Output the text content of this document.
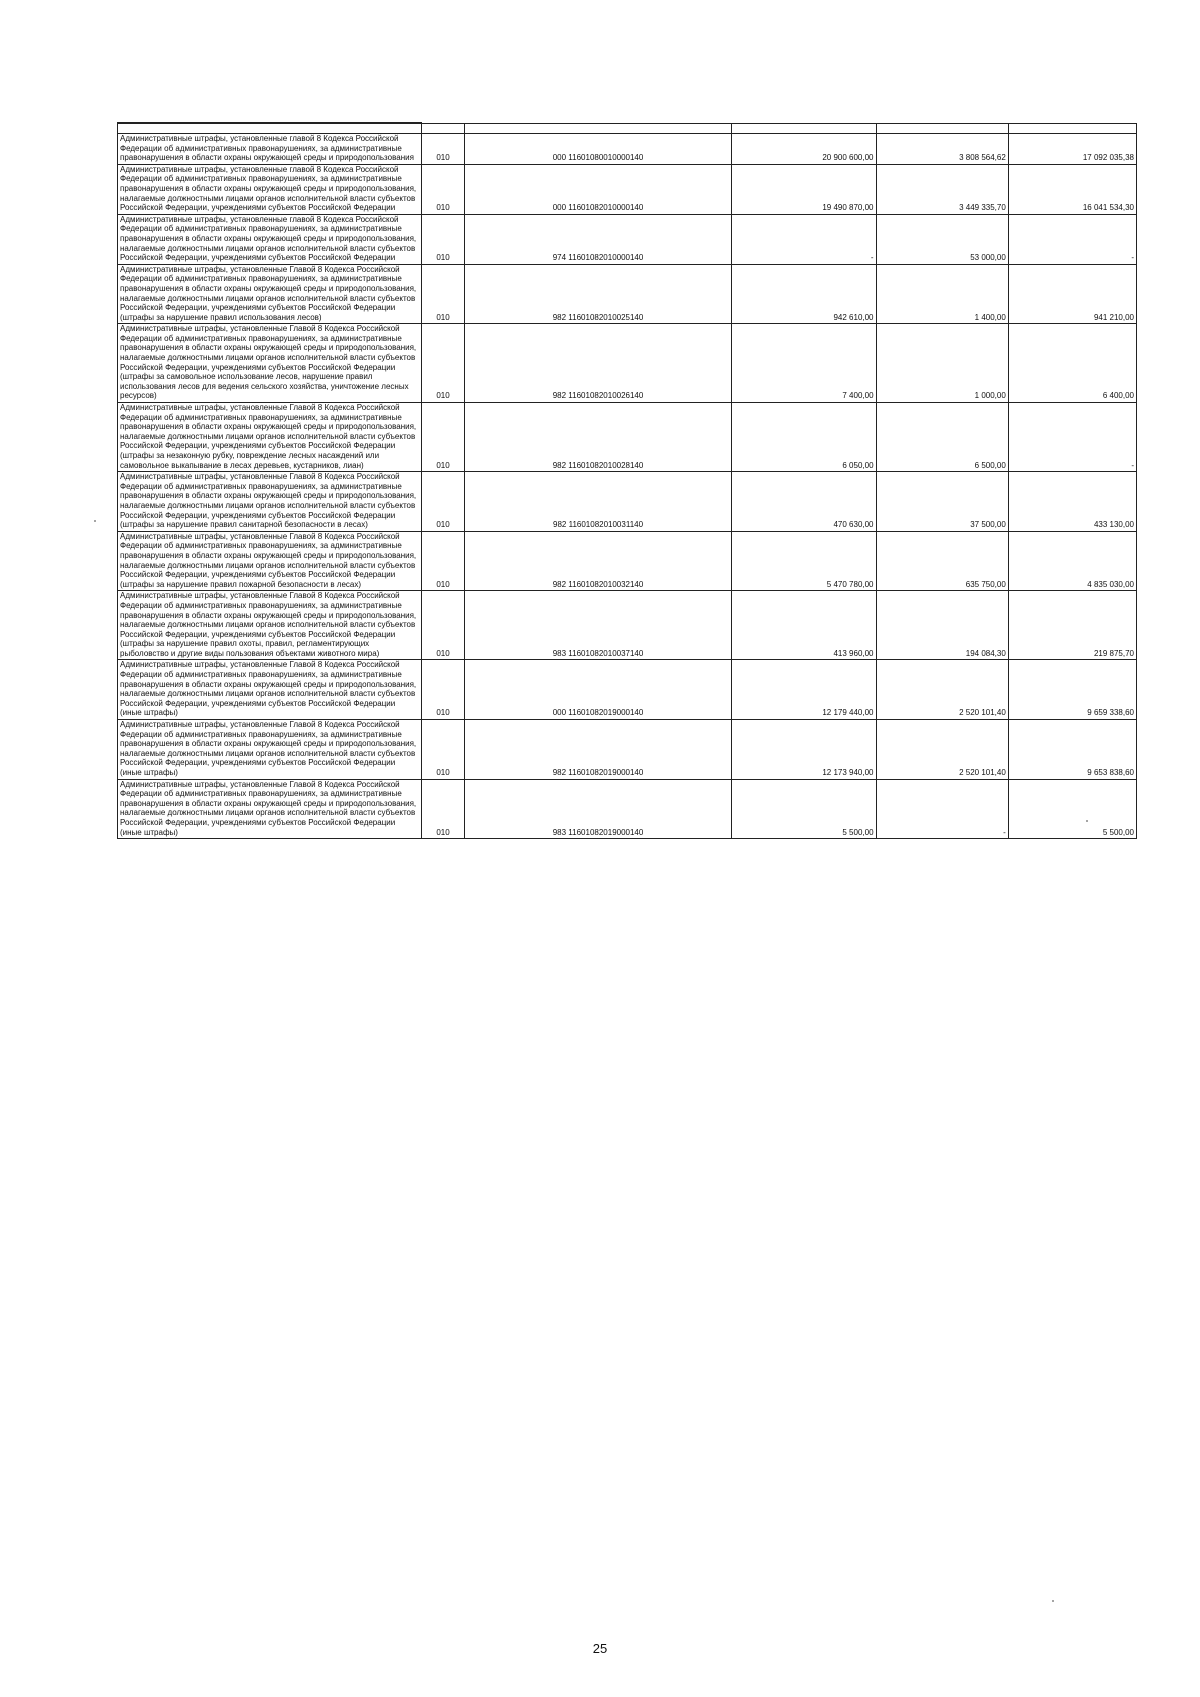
Административные штрафы, установленные главой 8 Кодекса Российской Федерации об административных правонарушениях, за административные правонарушения в области охраны окружающей среды и природопользования	010	000 11601080010000140	20 900 600,00	3 808 564,62	17 092 035,38
Административные штрафы, установленные главой 8 Кодекса Российской Федерации об административных правонарушениях, за административные правонарушения в области охраны окружающей среды и природопользования, налагаемые должностными лицами органов исполнительной власти субъектов Российской Федерации, учреждениями субъектов Российской Федерации	010	000 11601082010000140	19 490 870,00	3 449 335,70	16 041 534,30
Административные штрафы, установленные главой 8 Кодекса Российской Федерации об административных правонарушениях, за административные правонарушения в области охраны окружающей среды и природопользования, налагаемые должностными лицами органов исполнительной власти субъектов Российской Федерации, учреждениями субъектов Российской Федерации	010	974 11601082010000140	-	53 000,00	-
Административные штрафы, установленные Главой 8 Кодекса Российской Федерации об административных правонарушениях, за административные правонарушения в области охраны окружающей среды и природопользования, налагаемые должностными лицами органов исполнительной власти субъектов Российской Федерации, учреждениями субъектов Российской Федерации (штрафы за нарушение правил использования лесов)	010	982 11601082010025140	942 610,00	1 400,00	941 210,00
Административные штрафы, установленные Главой 8 Кодекса Российской Федерации об административных правонарушениях, за административные правонарушения в области охраны окружающей среды и природопользования, налагаемые должностными лицами органов исполнительной власти субъектов Российской Федерации, учреждениями субъектов Российской Федерации (штрафы за самовольное использование лесов, нарушение правил использования лесов для ведения сельского хозяйства, уничтожение лесных ресурсов)	010	982 11601082010026140	7 400,00	1 000,00	6 400,00
Административные штрафы, установленные Главой 8 Кодекса Российской Федерации об административных правонарушениях, за административные правонарушения в области охраны окружающей среды и природопользования, налагаемые должностными лицами органов исполнительной власти субъектов Российской Федерации, учреждениями субъектов Российской Федерации (штрафы за незаконную рубку, повреждение лесных насаждений или самовольное выкапывание в лесах деревьев, кустарников, лиан)	010	982 11601082010028140	6 050,00	6 500,00	-
Административные штрафы, установленные Главой 8 Кодекса Российской Федерации об административных правонарушениях, за административные правонарушения в области охраны окружающей среды и природопользования, налагаемые должностными лицами органов исполнительной власти субъектов Российской Федерации, учреждениями субъектов Российской Федерации (штрафы за нарушение правил санитарной безопасности в лесах)	010	982 11601082010031140	470 630,00	37 500,00	433 130,00
Административные штрафы, установленные Главой 8 Кодекса Российской Федерации об административных правонарушениях, за административные правонарушения в области охраны окружающей среды и природопользования, налагаемые должностными лицами органов исполнительной власти субъектов Российской Федерации, учреждениями субъектов Российской Федерации (штрафы за нарушение правил пожарной безопасности в лесах)	010	982 11601082010032140	5 470 780,00	635 750,00	4 835 030,00
Административные штрафы, установленные Главой 8 Кодекса Российской Федерации об административных правонарушениях, за административные правонарушения в области охраны окружающей среды и природопользования, налагаемые должностными лицами органов исполнительной власти субъектов Российской Федерации, учреждениями субъектов Российской Федерации (штрафы за нарушение правил охоты, правил, регламентирующих рыболовство и другие виды пользования объектами животного мира)	010	983 11601082010037140	413 960,00	194 084,30	219 875,70
Административные штрафы, установленные Главой 8 Кодекса Российской Федерации об административных правонарушениях, за административные правонарушения в области охраны окружающей среды и природопользования, налагаемые должностными лицами органов исполнительной власти субъектов Российской Федерации, учреждениями субъектов Российской Федерации (иные штрафы)	010	000 11601082019000140	12 179 440,00	2 520 101,40	9 659 338,60
Административные штрафы, установленные Главой 8 Кодекса Российской Федерации об административных правонарушениях, за административные правонарушения в области охраны окружающей среды и природопользования, налагаемые должностными лицами органов исполнительной власти субъектов Российской Федерации, учреждениями субъектов Российской Федерации (иные штрафы)	010	982 11601082019000140	12 173 940,00	2 520 101,40	9 653 838,60
Административные штрафы, установленные Главой 8 Кодекса Российской Федерации об административных правонарушениях, за административные правонарушения в области охраны окружающей среды и природопользования, налагаемые должностными лицами органов исполнительной власти субъектов Российской Федерации, учреждениями субъектов Российской Федерации (иные штрафы)	010	983 11601082019000140	5 500,00	-	5 500,00
25
